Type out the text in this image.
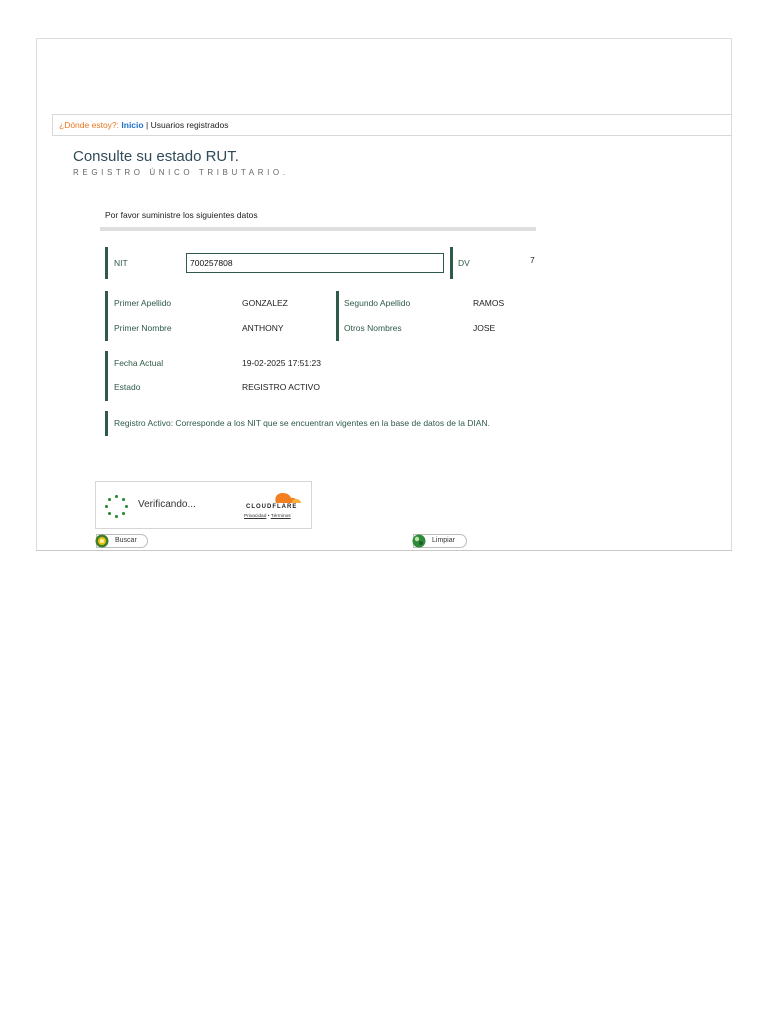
¿Dónde estoy?: Inicio | Usuarios registrados
Consulte su estado RUT.
REGISTRO ÚNICO TRIBUTARIO.
Por favor suministre los siguientes datos
NIT
700257808	DV	7
Primer Apellido	GONZALEZ
Primer Nombre	ANTHONY
Segundo Apellido	RAMOS
Otros Nombres	JOSE
Fecha Actual	19-02-2025 17:51:23
Estado	REGISTRO ACTIVO
Registro Activo: Corresponde a los NIT que se encuentran vigentes en la base de datos de la DIAN.
Verificando...	CLOUDFLARE
Privacidad • Términos
Buscar	Limpiar
